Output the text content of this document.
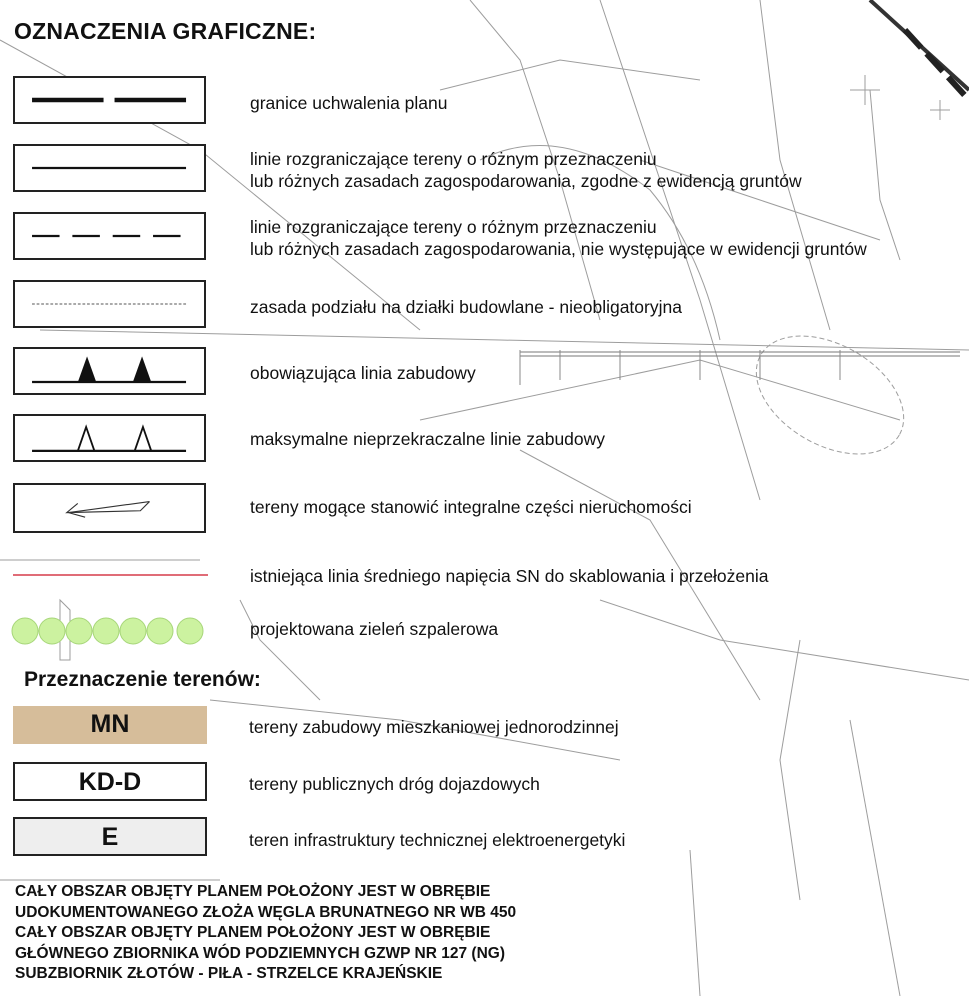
OZNACZENIA GRAFICZNE:
granice uchwalenia planu
linie rozgraniczające tereny o różnym przeznaczeniu
lub różnych zasadach zagospodarowania, zgodne z ewidencją gruntów
linie rozgraniczające tereny o różnym przeznaczeniu
lub różnych zasadach zagospodarowania, nie występujące w ewidencji gruntów
zasada podziału na działki budowlane - nieobligatoryjna
obowiązująca linia zabudowy
maksymalne nieprzekraczalne linie zabudowy
tereny mogące stanowić integralne części nieruchomości
istniejąca linia średniego napięcia SN do skablowania i przełożenia
projektowana zieleń szpalerowa
Przeznaczenie terenów:
MN	tereny zabudowy mieszkaniowej jednorodzinnej
KD-D	tereny publicznych dróg dojazdowych
E	teren infrastruktury technicznej elektroenergetyki
CAŁY OBSZAR OBJĘTY PLANEM POŁOŻONY JEST W OBRĘBIE
UDOKUMENTOWANEGO ZŁOŻA WĘGLA BRUNATNEGO NR WB 450
CAŁY OBSZAR OBJĘTY PLANEM POŁOŻONY JEST W OBRĘBIE
GŁÓWNEGO ZBIORNIKA WÓD PODZIEMNYCH GZWP NR 127 (NG)
SUBZBIORNIK ZŁOTÓW - PIŁA - STRZELCE KRAJEŃSKIE
